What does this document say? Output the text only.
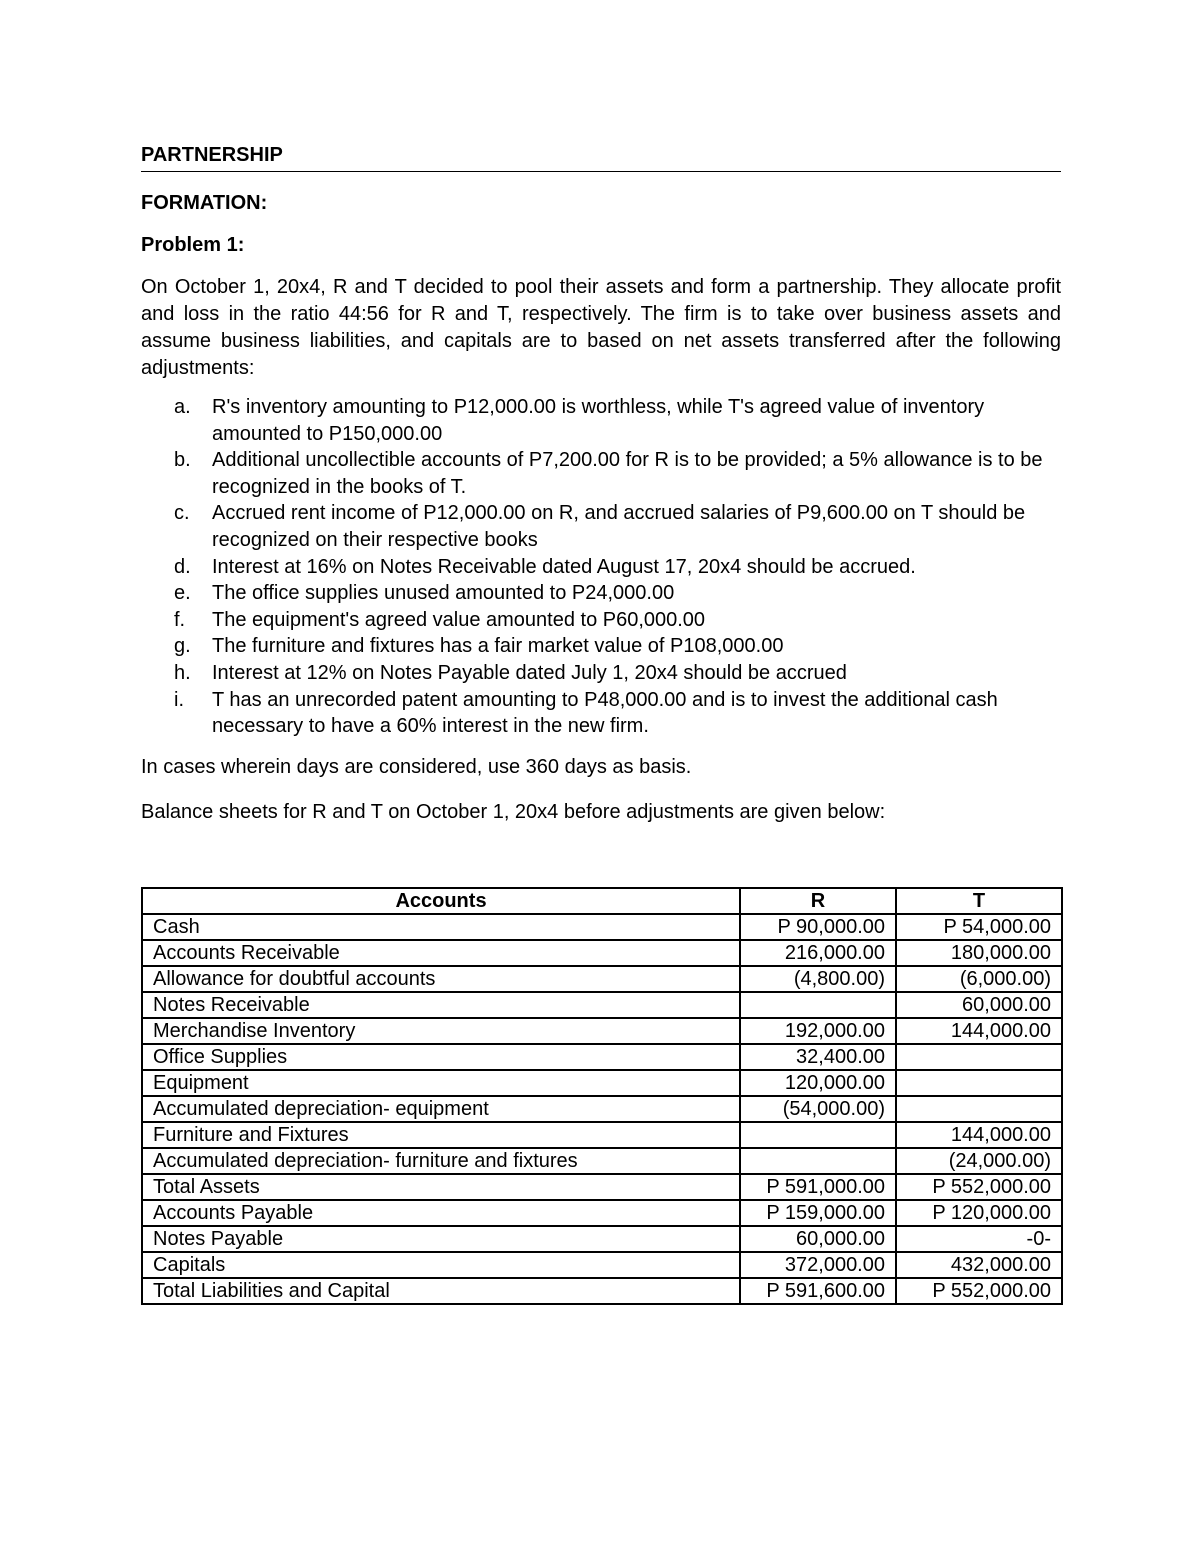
PARTNERSHIP
FORMATION:
Problem 1:

On October 1, 20x4, R and T decided to pool their assets and form a partnership. They allocate profit and loss in the ratio 44:56 for R and T, respectively. The firm is to take over business assets and assume business liabilities, and capitals are to based on net assets transferred after the following adjustments:

a. R's inventory amounting to P12,000.00 is worthless, while T's agreed value of inventory amounted to P150,000.00
b. Additional uncollectible accounts of P7,200.00 for R is to be provided; a 5% allowance is to be recognized in the books of T.
c. Accrued rent income of P12,000.00 on R, and accrued salaries of P9,600.00 on T should be recognized on their respective books
d. Interest at 16% on Notes Receivable dated August 17, 20x4 should be accrued.
e. The office supplies unused amounted to P24,000.00
f. The equipment's agreed value amounted to P60,000.00
g. The furniture and fixtures has a fair market value of P108,000.00
h. Interest at 12% on Notes Payable dated July 1, 20x4 should be accrued
i. T has an unrecorded patent amounting to P48,000.00 and is to invest the additional cash necessary to have a 60% interest in the new firm.

In cases wherein days are considered, use 360 days as basis.

Balance sheets for R and T on October 1, 20x4 before adjustments are given below:

Accounts	R	T
Cash	P 90,000.00	P 54,000.00
Accounts Receivable	216,000.00	180,000.00
Allowance for doubtful accounts	(4,800.00)	(6,000.00)
Notes Receivable		60,000.00
Merchandise Inventory	192,000.00	144,000.00
Office Supplies	32,400.00	
Equipment	120,000.00	
Accumulated depreciation- equipment	(54,000.00)	
Furniture and Fixtures		144,000.00
Accumulated depreciation- furniture and fixtures		(24,000.00)
Total Assets	P 591,000.00	P 552,000.00
Accounts Payable	P 159,000.00	P 120,000.00
Notes Payable	60,000.00	-0-
Capitals	372,000.00	432,000.00
Total Liabilities and Capital	P 591,600.00	P 552,000.00
